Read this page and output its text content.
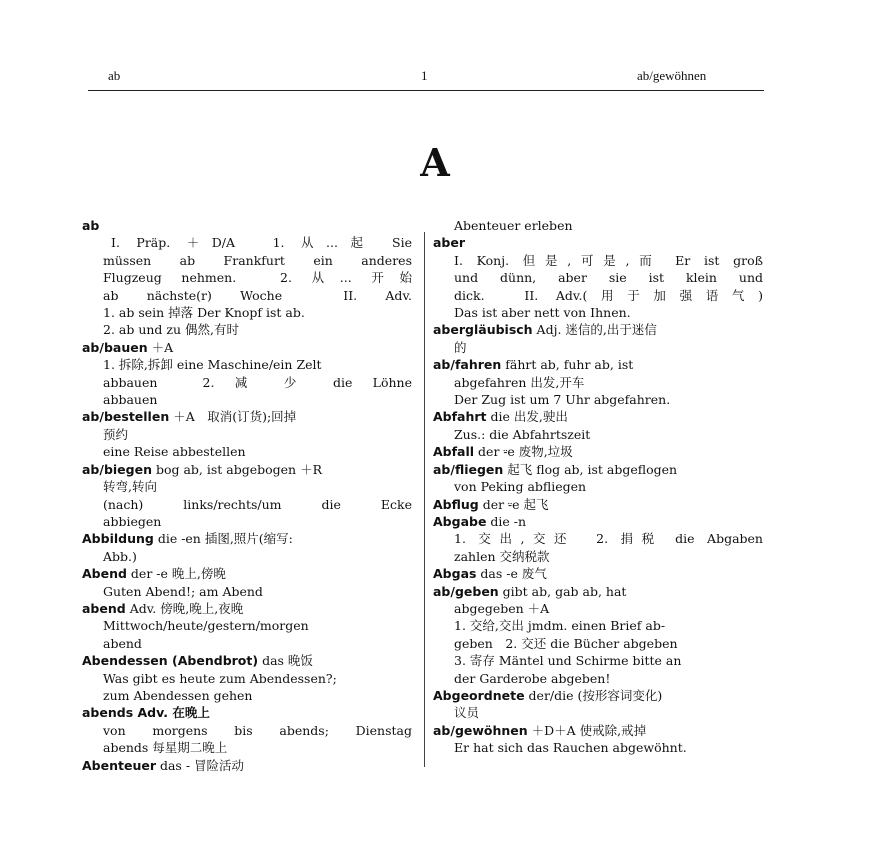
ab	1	ab/gewöhnen
A
ab
I. Präp. ＋D/A　1. 从...起 Sie
müssen ab Frankfurt ein anderes
Flugzeug nehmen.　2. 从... 开始
ab nächste(r) Woche　II. Adv.
1. ab sein 掉落 Der Knopf ist ab.
2. ab und zu 偶然,有时
ab/bauen ＋A
1. 拆除,拆卸 eine Maschine/ein Zelt
abbauen　2. 减 少 die Löhne
abbauen
ab/bestellen ＋A　取消(订货);回掉
预约
eine Reise abbestellen
ab/biegen bog ab, ist abgebogen ＋R
转弯,转向
(nach) links/rechts/um die Ecke
abbiegen
Abbildung die -en 插图,照片(缩写:
Abb.)
Abend der -e 晚上,傍晚
Guten Abend!; am Abend
abend Adv. 傍晚,晚上,夜晚
Mittwoch/heute/gestern/morgen
abend
Abendessen (Abendbrot) das 晚饭
Was gibt es heute zum Abendessen?;
zum Abendessen gehen
abends Adv. 在晚上
von morgens bis abends; Dienstag
abends 每星期二晚上
Abenteuer das - 冒险活动
Abenteuer erleben
aber
I. Konj. 但是,可是,而 Er ist groß
und dünn, aber sie ist klein und
dick.　II. Adv.(用于加强语气)
Das ist aber nett von Ihnen.
abergläubisch Adj. 迷信的,出于迷信
的
ab/fahren fährt ab, fuhr ab, ist
abgefahren 出发,开车
Der Zug ist um 7 Uhr abgefahren.
Abfahrt die 出发,驶出
Zus.: die Abfahrtszeit
Abfall der ⸚e 废物,垃圾
ab/fliegen 起飞 flog ab, ist abgeflogen
von Peking abfliegen
Abflug der ⸚e 起飞
Abgabe die -n
1. 交出,交还　2. 捐税 die Abgaben
zahlen 交纳税款
Abgas das -e 废气
ab/geben gibt ab, gab ab, hat
abgegeben ＋A
1. 交给,交出 jmdm. einen Brief ab-
geben　2. 交还 die Bücher abgeben
3. 寄存 Mäntel und Schirme bitte an
der Garderobe abgeben!
Abgeordnete der/die (按形容词变化)
议员
ab/gewöhnen ＋D＋A 使戒除,戒掉
Er hat sich das Rauchen abgewöhnt.
